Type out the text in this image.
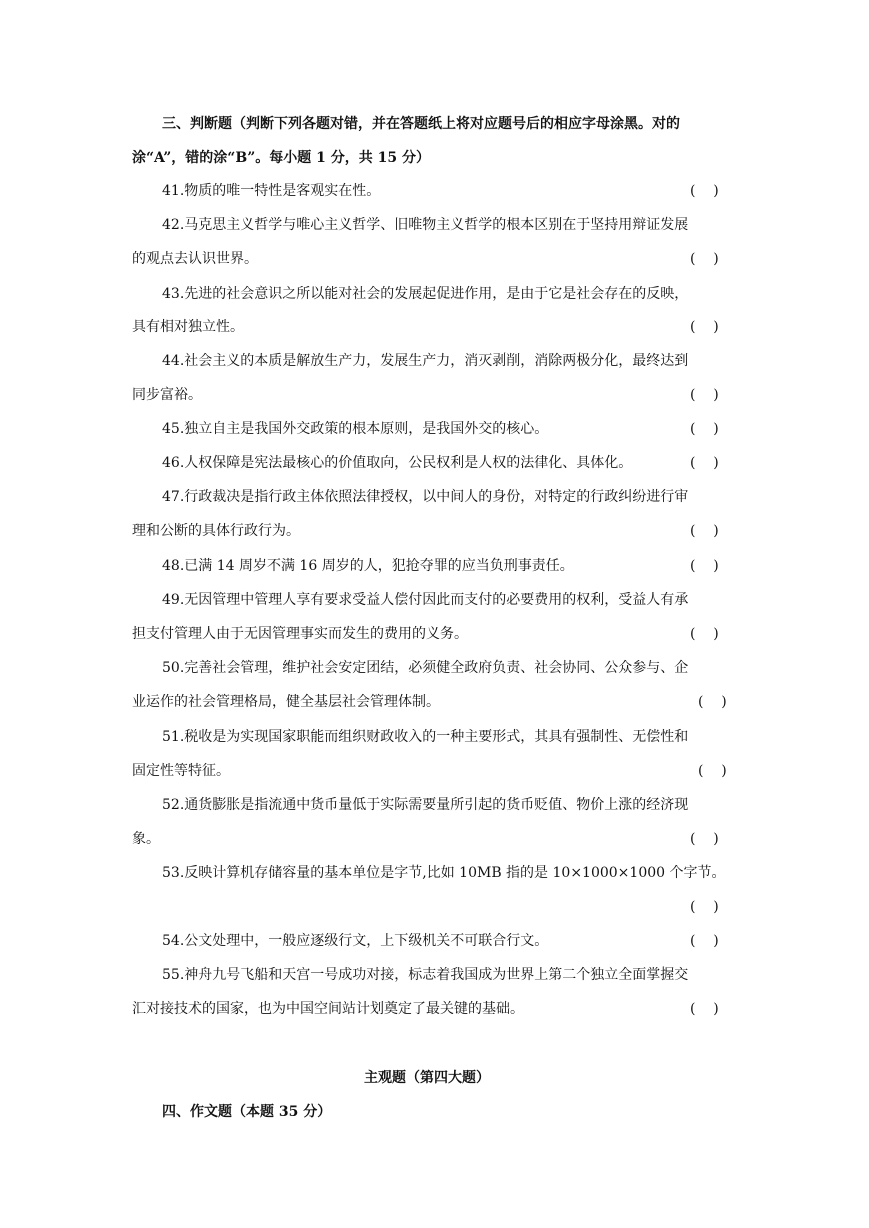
三、判断题（判断下列各题对错，并在答题纸上将对应题号后的相应字母涂黑。对的
涂“A”，错的涂“B”。每小题 1 分，共 15 分）
41.物质的唯一特性是客观实在性。	(    )
42.马克思主义哲学与唯心主义哲学、旧唯物主义哲学的根本区别在于坚持用辩证发展
的观点去认识世界。	(    )
43.先进的社会意识之所以能对社会的发展起促进作用，是由于它是社会存在的反映，
具有相对独立性。	(    )
44.社会主义的本质是解放生产力，发展生产力，消灭剥削，消除两极分化，最终达到
同步富裕。	(    )
45.独立自主是我国外交政策的根本原则，是我国外交的核心。	(    )
46.人权保障是宪法最核心的价值取向，公民权利是人权的法律化、具体化。	(    )
47.行政裁决是指行政主体依照法律授权，以中间人的身份，对特定的行政纠纷进行审
理和公断的具体行政行为。	(    )
48.已满 14 周岁不满 16 周岁的人，犯抢夺罪的应当负刑事责任。	(    )
49.无因管理中管理人享有要求受益人偿付因此而支付的必要费用的权利，受益人有承
担支付管理人由于无因管理事实而发生的费用的义务。	(    )
50.完善社会管理，维护社会安定团结，必须健全政府负责、社会协同、公众参与、企
业运作的社会管理格局，健全基层社会管理体制。	(    )
51.税收是为实现国家职能而组织财政收入的一种主要形式，其具有强制性、无偿性和
固定性等特征。	(    )
52.通货膨胀是指流通中货币量低于实际需要量所引起的货币贬值、物价上涨的经济现
象。	(    )
53.反映计算机存储容量的基本单位是字节,比如 10MB 指的是 10×1000×1000 个字节。
(    )
54.公文处理中，一般应逐级行文，上下级机关不可联合行文。	(    )
55.神舟九号飞船和天宫一号成功对接，标志着我国成为世界上第二个独立全面掌握交
汇对接技术的国家，也为中国空间站计划奠定了最关键的基础。	(    )
主观题（第四大题）
四、作文题（本题 35 分）
